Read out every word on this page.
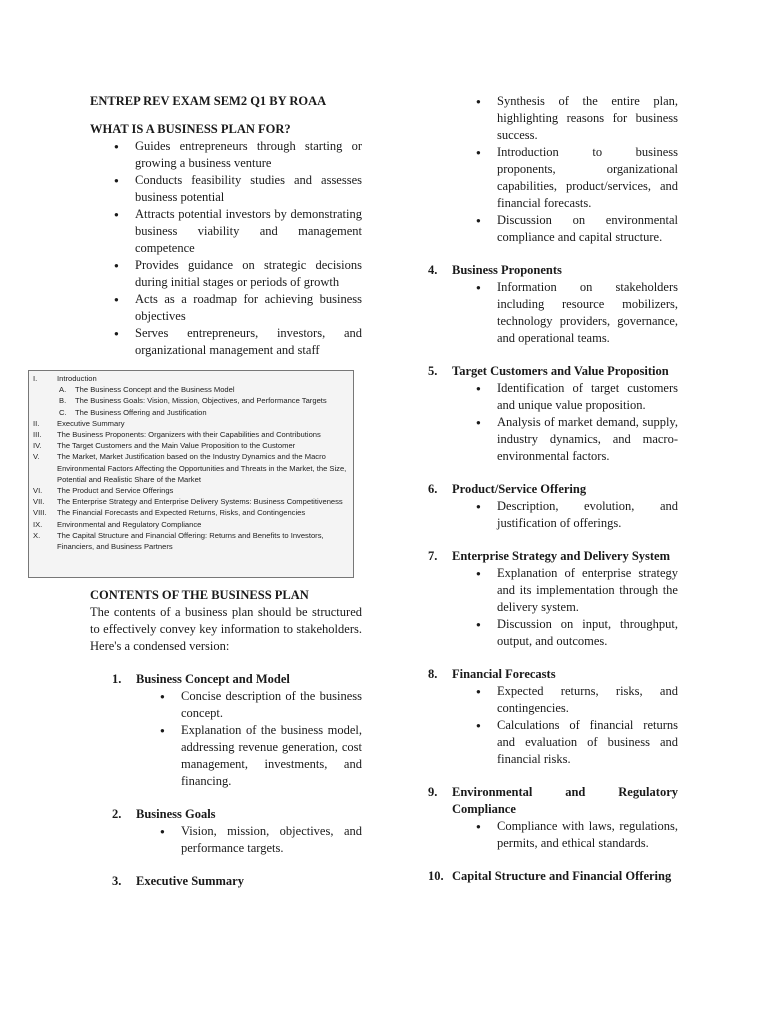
ENTREP REV EXAM SEM2 Q1 BY ROAA

WHAT IS A BUSINESS PLAN FOR?

● Guides entrepreneurs through starting or growing a business venture
● Conducts feasibility studies and assesses business potential
● Attracts potential investors by demonstrating business viability and management competence
● Provides guidance on strategic decisions during initial stages or periods of growth
● Acts as a roadmap for achieving business objectives
● Serves entrepreneurs, investors, and organizational management and staff

CONTENTS OF THE BUSINESS PLAN

The contents of a business plan should be structured to effectively convey key information to stakeholders. Here's a condensed version:

1.	Business Concept and Model
● Concise description of the business concept.
● Explanation of the business model, addressing revenue generation, cost management, investments, and financing.
2.	Business Goals
● Vision, mission, objectives, and performance targets.
3.	Executive Summary
I.	Introduction
A. The Business Concept and the Business Model
B. The Business Goals: Vision, Mission, Objectives, and Performance Targets
C. The Business Offering and Justification
II. Executive Summary
III. The Business Proponents: Organizers with their Capabilities and Contributions
IV. The Target Customers and the Main Value Proposition to the Customer
V. The Market, Market Justification based on the Industry Dynamics and the Macro Environmental Factors Affecting the Opportunities and Threats in the Market, the Size, Potential and Realistic Share of the Market
VI. The Product and Service Offerings
VII. The Enterprise Strategy and Enterprise Delivery Systems: Business Competitiveness
VIII. The Financial Forecasts and Expected Returns, Risks, and Contingencies
IX. Environmental and Regulatory Compliance
X. The Capital Structure and Financial Offering: Returns and Benefits to Investors, Financiers, and Business Partners
● Synthesis of the entire plan, highlighting reasons for business success.
● Introduction to business proponents, organizational capabilities, product/services, and financial forecasts.
● Discussion on environmental compliance and capital structure.
4.	Business Proponents
● Information on stakeholders including resource mobilizers, technology providers, governance, and operational teams.
5.	Target Customers and Value Proposition
● Identification of target customers and unique value proposition.
● Analysis of market demand, supply, industry dynamics, and macro-environmental factors.
6.	Product/Service Offering
● Description, evolution, and justification of offerings.
7.	Enterprise Strategy and Delivery System
● Explanation of enterprise strategy and its implementation through the delivery system.
● Discussion on input, throughput, output, and outcomes.
8.	Financial Forecasts
● Expected returns, risks, and contingencies.
● Calculations of financial returns and evaluation of business and financial risks.
9.	Environmental and Regulatory Compliance
● Compliance with laws, regulations, permits, and ethical standards.
10. Capital Structure and Financial Offering
